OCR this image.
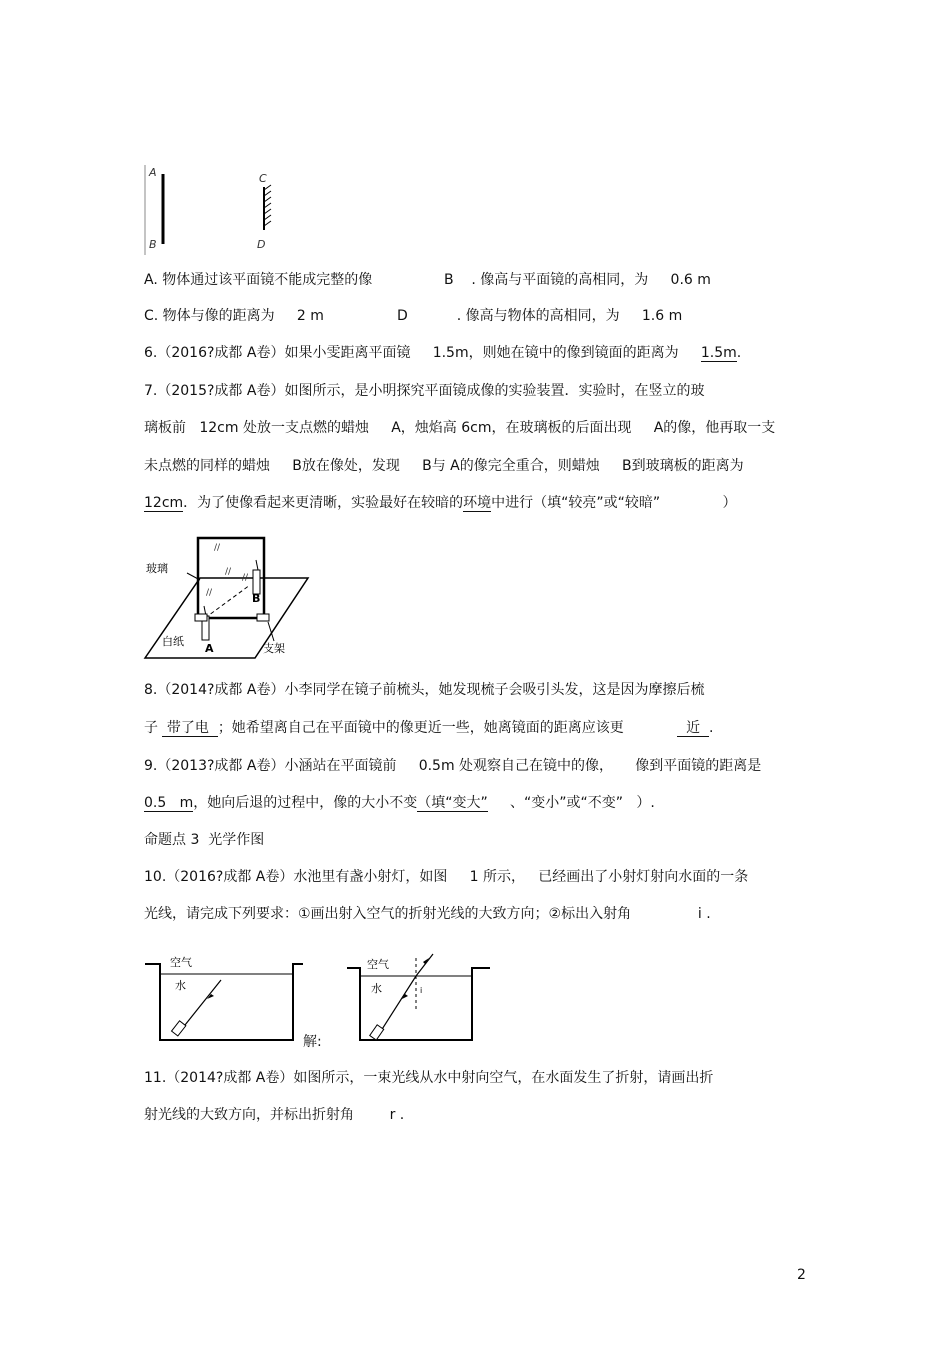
A
B
C
D
A. 物体通过该平面镜不能成完整的像	B    . 像高与平面镜的高相同，为     0.6 m
C. 物体与像的距离为     2 m	D           . 像高与物体的高相同，为     1.6 m
6.（2016?成都 A卷）如果小雯距离平面镜     1.5m，则她在镜中的像到镜面的距离为 1.5m.
7.（2015?成都 A卷）如图所示，是小明探究平面镜成像的实验装置．实验时，在竖立的玻
璃板前   12cm 处放一支点燃的蜡烛     A，烛焰高 6cm，在玻璃板的后面出现     A的像，他再取一支
未点燃的同样的蜡烛     B放在像处，发现     B与 A的像完全重合，则蜡烛     B到玻璃板的距离为
12cm．为了使像看起来更清晰，实验最好在较暗的环境中进行（填“较亮”或“较暗”              ）
玻璃
白纸
支架
A
B
//
//
//
//
8.（2014?成都 A卷）小李同学在镜子前梳头，她发现梳子会吸引头发，这是因为摩擦后梳
子  带了电  ；她希望离自己在平面镜中的像更近一些，她离镜面的距离应该更              近  .
9.（2013?成都 A卷）小涵站在平面镜前     0.5m 处观察自己在镜中的像，     像到平面镜的距离是
0.5   m，她向后退的过程中，像的大小不变（填“变大”     、“变小”或“不变”   ）.
命题点 3  光学作图
10.（2016?成都 A卷）水池里有盏小射灯，如图     1 所示，   已经画出了小射灯射向水面的一条
光线，请完成下列要求：①画出射入空气的折射光线的大致方向；②标出入射角               i .
空气
水
空气
水	i
解:
11.（2014?成都 A卷）如图所示，一束光线从水中射向空气，在水面发生了折射，请画出折
射光线的大致方向，并标出折射角        r .
2
